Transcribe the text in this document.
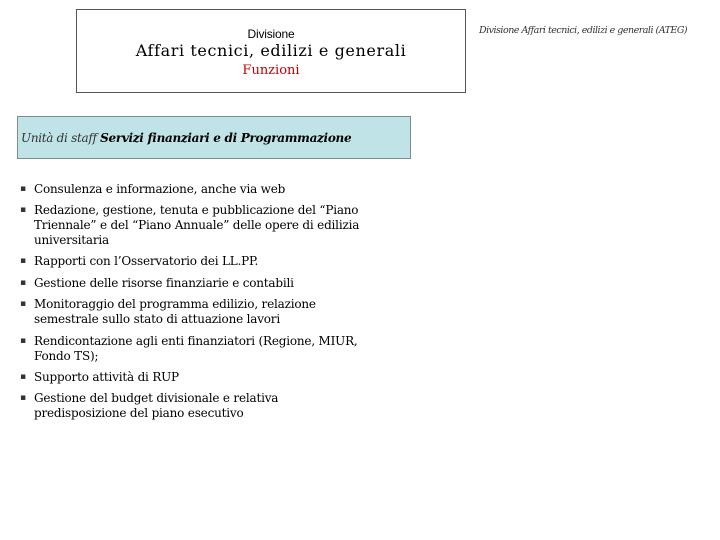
Divisione
Affari tecnici, edilizi e generali
Funzioni
Divisione Affari tecnici, edilizi e generali (ATEG)
Unità di staff Servizi finanziari e di Programmazione
▪ Consulenza e informazione, anche via web
▪ Redazione, gestione, tenuta e pubblicazione del “Piano Triennale” e del “Piano Annuale” delle opere di edilizia universitaria
▪ Rapporti con l’Osservatorio dei LL.PP.
▪ Gestione delle risorse finanziarie e contabili
▪ Monitoraggio del programma edilizio, relazione semestrale sullo stato di attuazione lavori
▪ Rendicontazione agli enti finanziatori (Regione, MIUR, Fondo TS);
▪ Supporto attività di RUP
▪ Gestione del budget divisionale e relativa predisposizione del piano esecutivo
